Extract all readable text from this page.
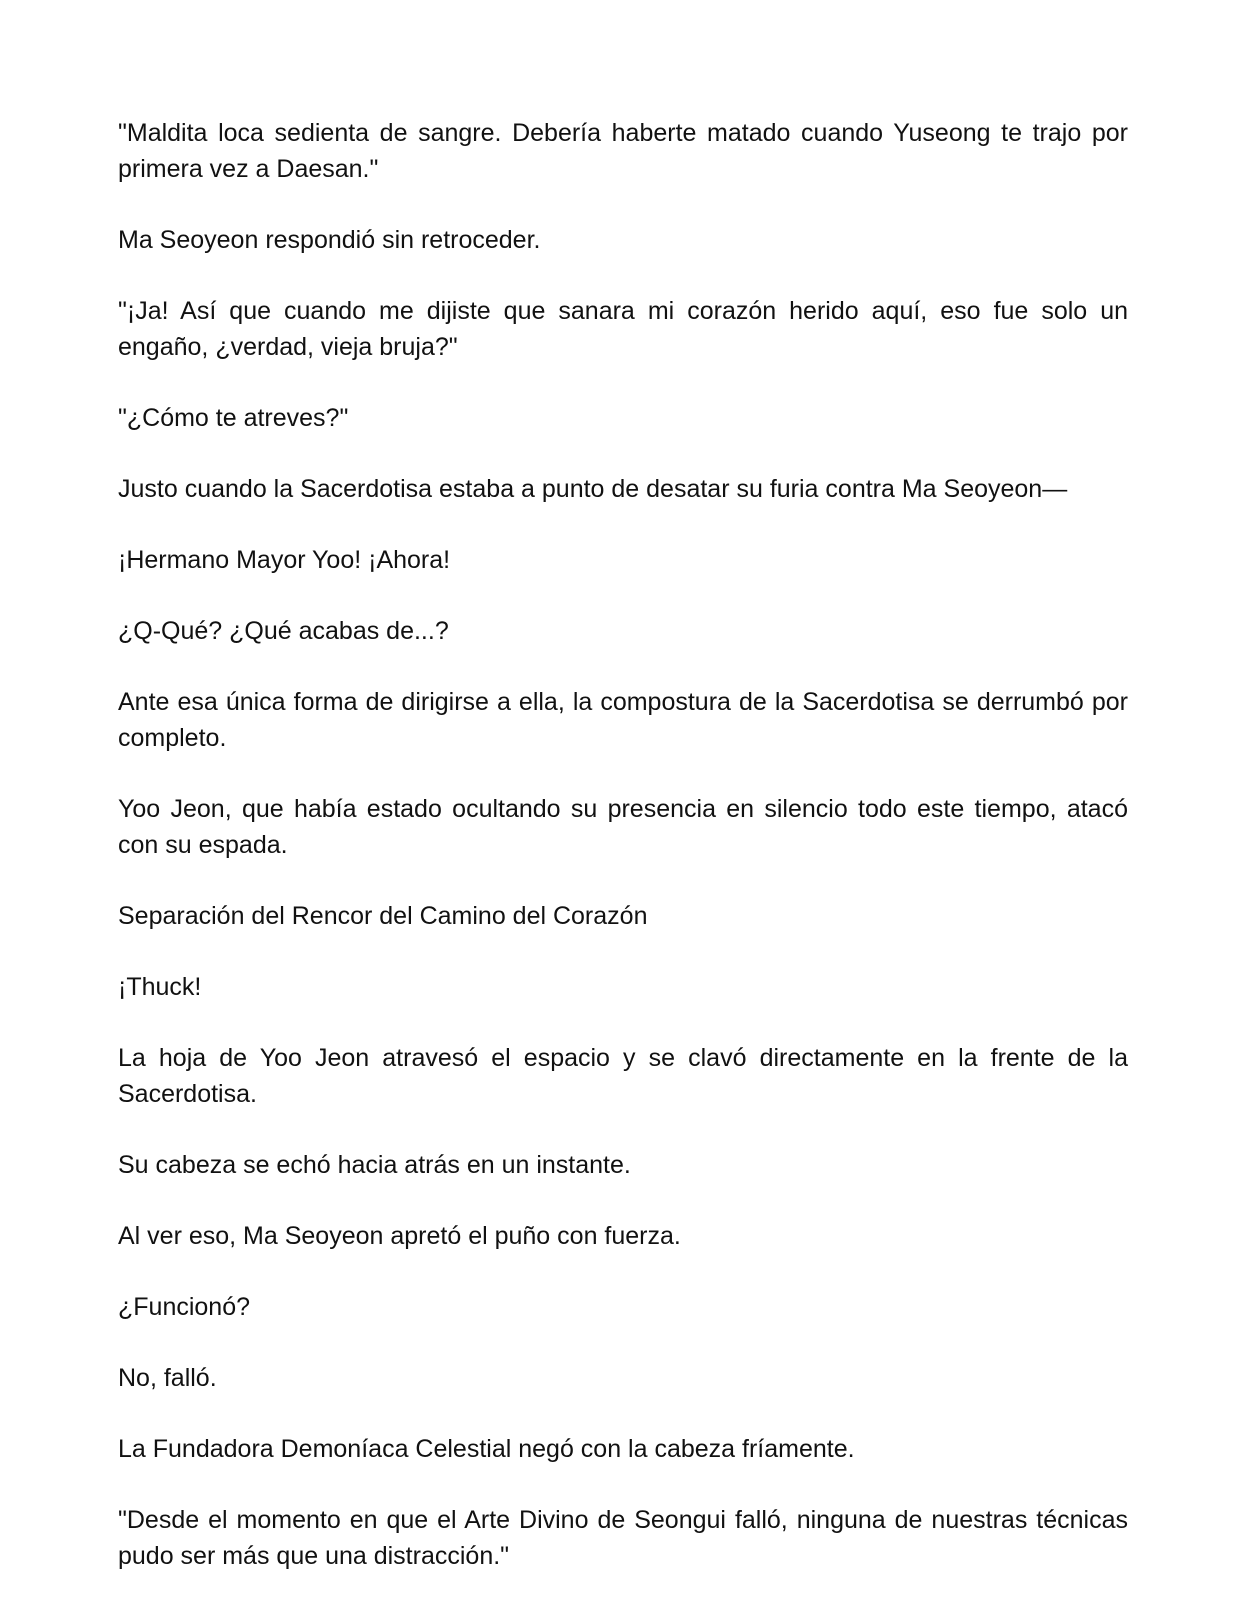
"Maldita loca sedienta de sangre. Debería haberte matado cuando Yuseong te trajo por primera vez a Daesan."

Ma Seoyeon respondió sin retroceder.

"¡Ja! Así que cuando me dijiste que sanara mi corazón herido aquí, eso fue solo un engaño, ¿verdad, vieja bruja?"

"¿Cómo te atreves?"

Justo cuando la Sacerdotisa estaba a punto de desatar su furia contra Ma Seoyeon—

¡Hermano Mayor Yoo! ¡Ahora!

¿Q-Qué? ¿Qué acabas de...?

Ante esa única forma de dirigirse a ella, la compostura de la Sacerdotisa se derrumbó por completo.

Yoo Jeon, que había estado ocultando su presencia en silencio todo este tiempo, atacó con su espada.

Separación del Rencor del Camino del Corazón

¡Thuck!

La hoja de Yoo Jeon atravesó el espacio y se clavó directamente en la frente de la Sacerdotisa.

Su cabeza se echó hacia atrás en un instante.

Al ver eso, Ma Seoyeon apretó el puño con fuerza.

¿Funcionó?

No, falló.

La Fundadora Demoníaca Celestial negó con la cabeza fríamente.

"Desde el momento en que el Arte Divino de Seongui falló, ninguna de nuestras técnicas pudo ser más que una distracción."
